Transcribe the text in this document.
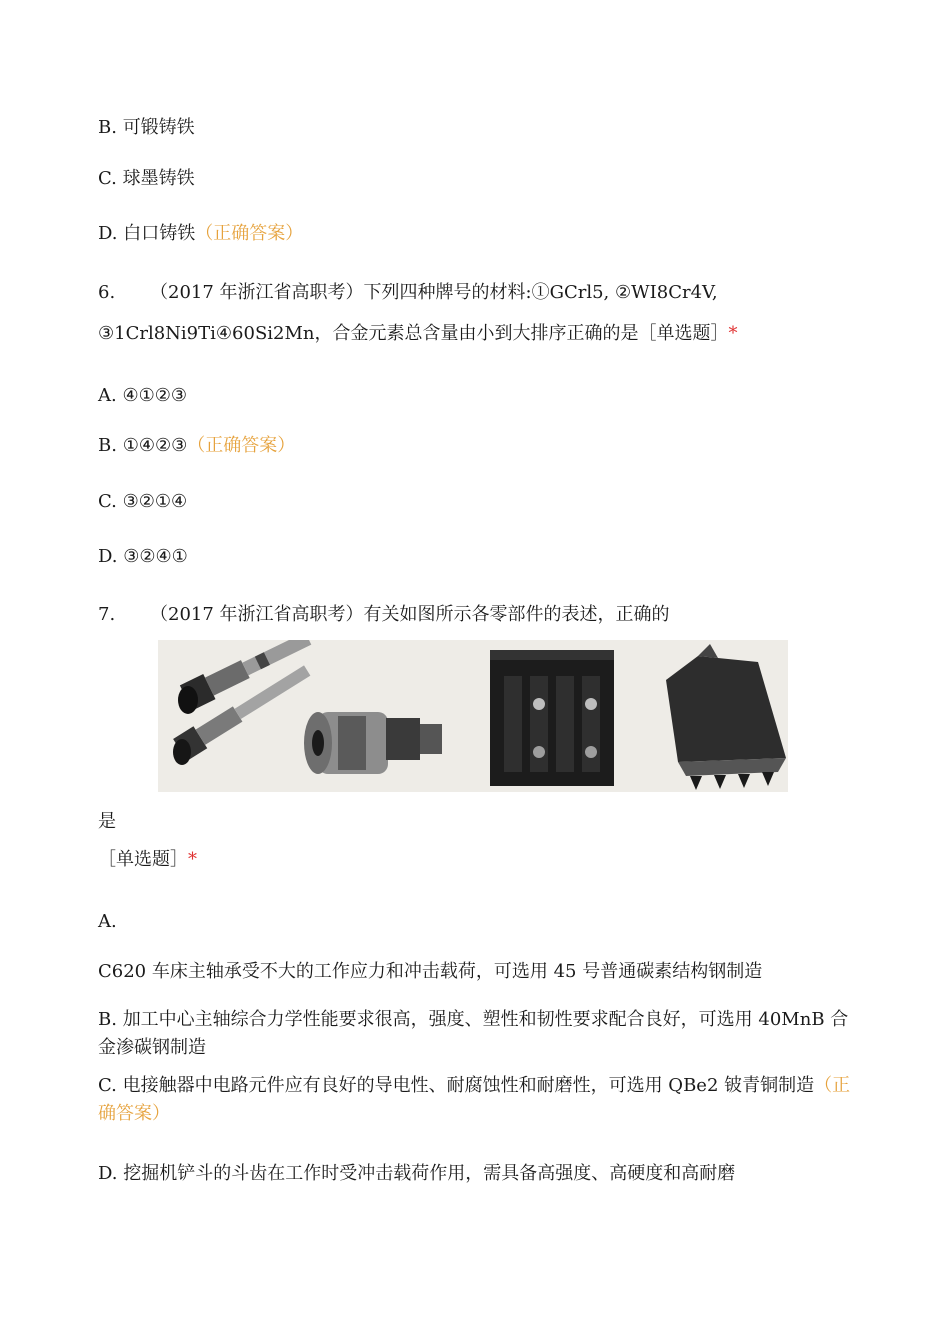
B. 可锻铸铁
C. 球墨铸铁
D. 白口铸铁（正确答案）
6. （2017 年浙江省高职考）下列四种牌号的材料:①GCrl5, ②WI8Cr4V,
③1Crl8Ni9Ti④60Si2Mn，合金元素总含量由小到大排序正确的是［单选题］*
A. ④①②③
B. ①④②③（正确答案）
C. ③②①④
D. ③②④①
7. （2017 年浙江省高职考）有关如图所示各零部件的表述，正确的
是
［单选题］*
A.
C620 车床主轴承受不大的工作应力和冲击载荷，可选用 45 号普通碳素结构钢制造
B. 加工中心主轴综合力学性能要求很高，强度、塑性和韧性要求配合良好，可选用 40MnB 合金渗碳钢制造
C. 电接触器中电路元件应有良好的导电性、耐腐蚀性和耐磨性，可选用 QBe2 铍青铜制造（正确答案）
D. 挖掘机铲斗的斗齿在工作时受冲击载荷作用，需具备高强度、高硬度和高耐磨
